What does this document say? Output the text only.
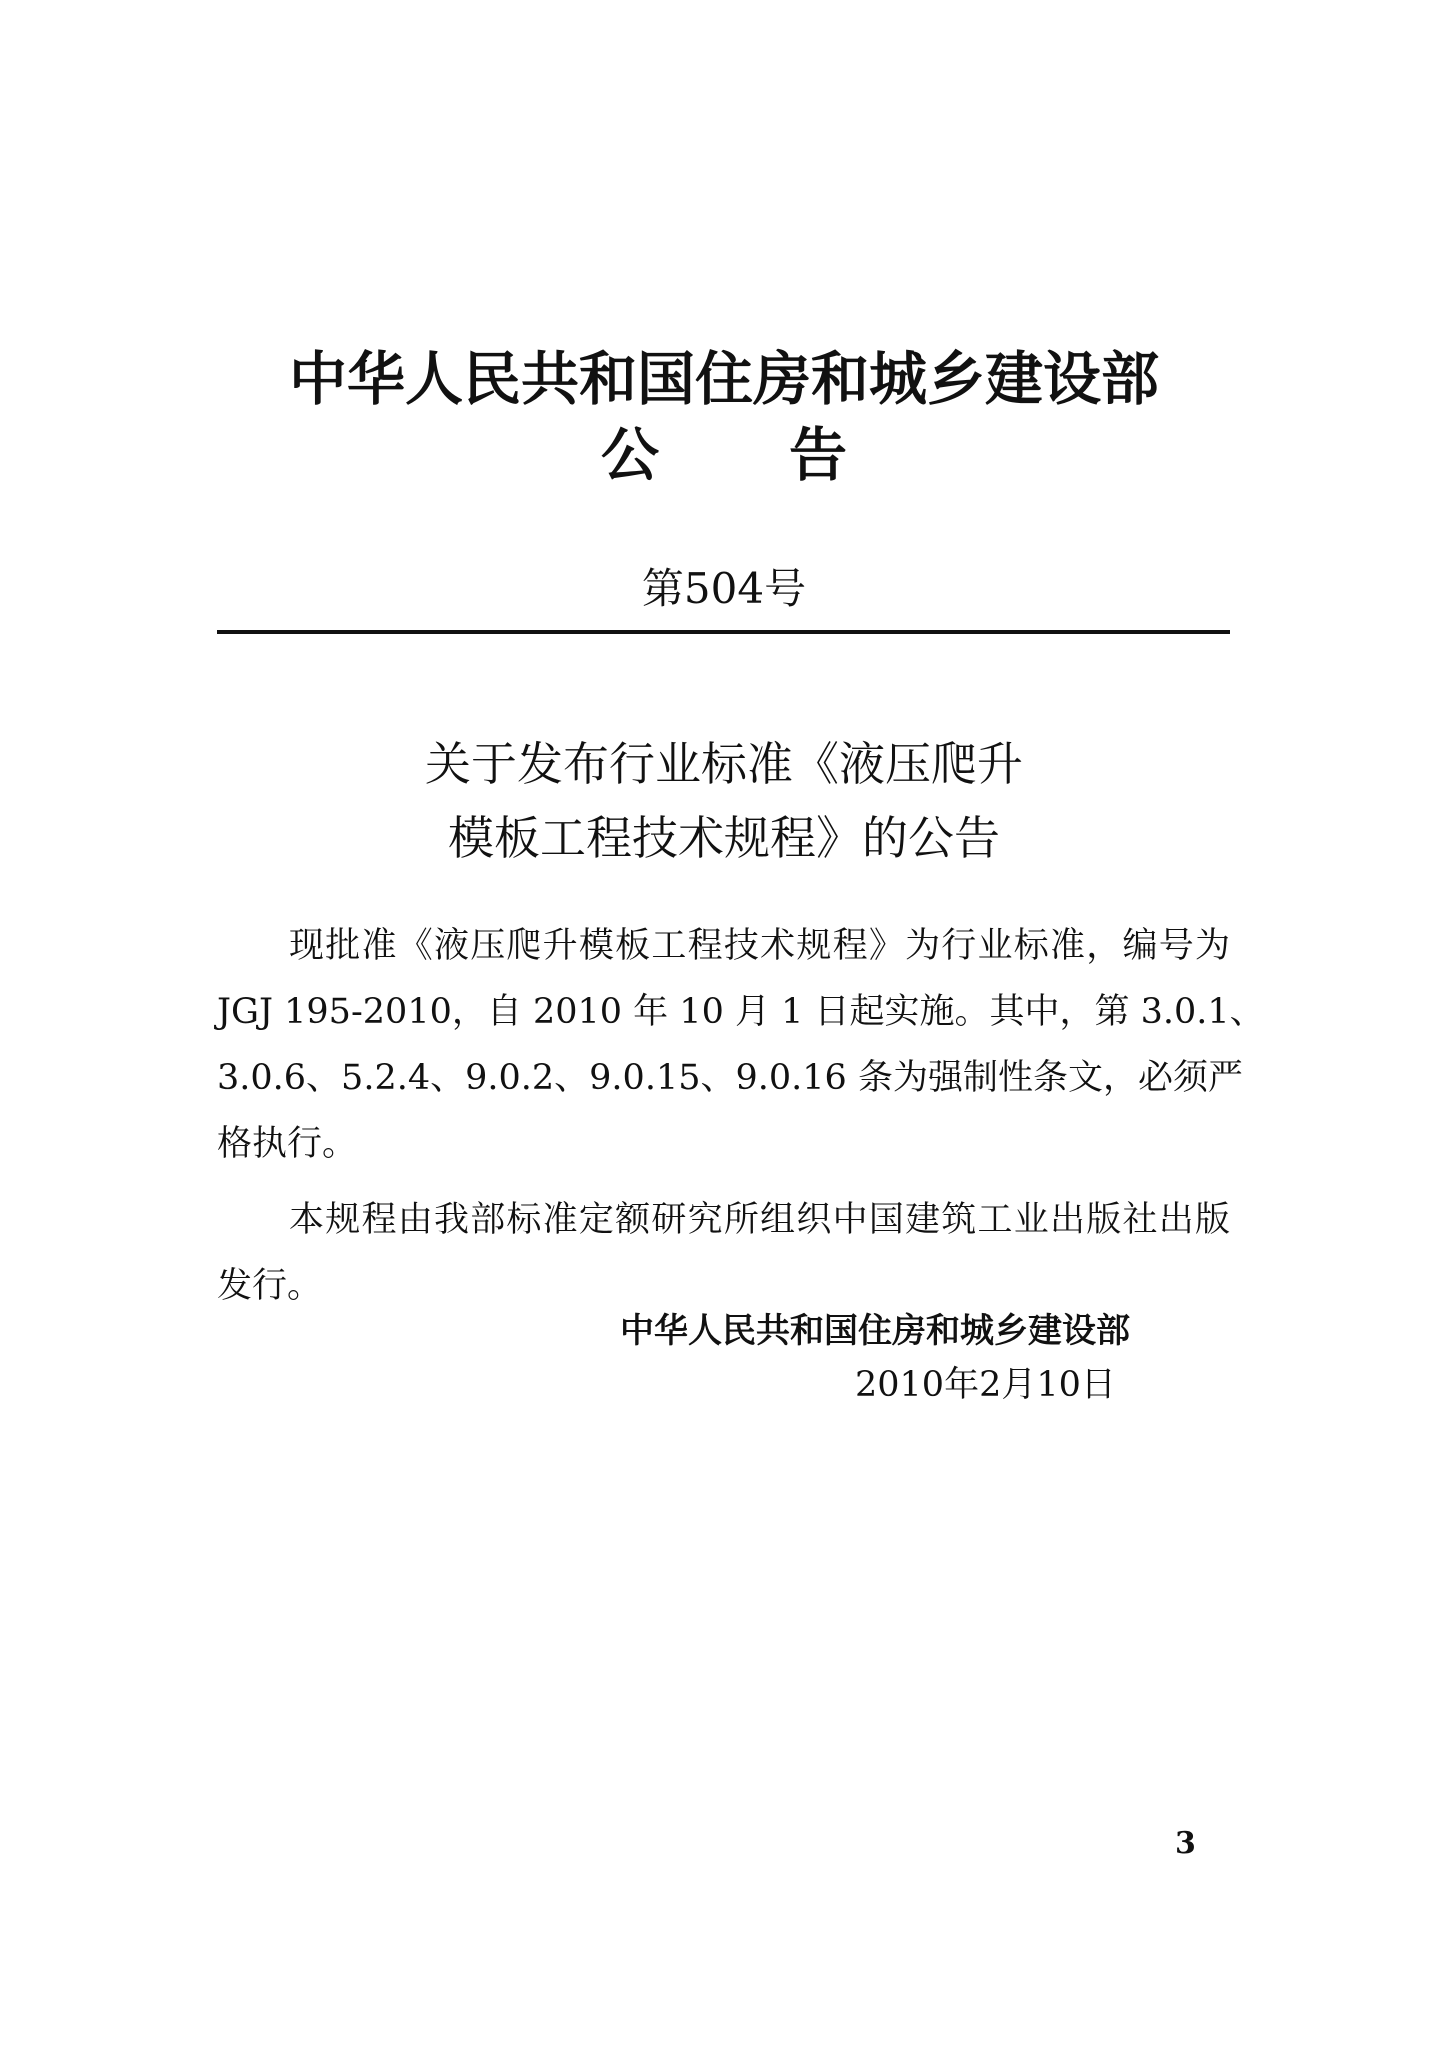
中华人民共和国住房和城乡建设部
公 告
第504号
关于发布行业标准《液压爬升
模板工程技术规程》的公告
现批准《液压爬升模板工程技术规程》为行业标准，编号为
JGJ 195-2010，自 2010 年 10 月 1 日起实施。其中，第 3.0.1、
3.0.6、5.2.4、9.0.2、9.0.15、9.0.16 条为强制性条文，必须严
格执行。
本规程由我部标准定额研究所组织中国建筑工业出版社出版
发行。
中华人民共和国住房和城乡建设部
2010年2月10日
3
